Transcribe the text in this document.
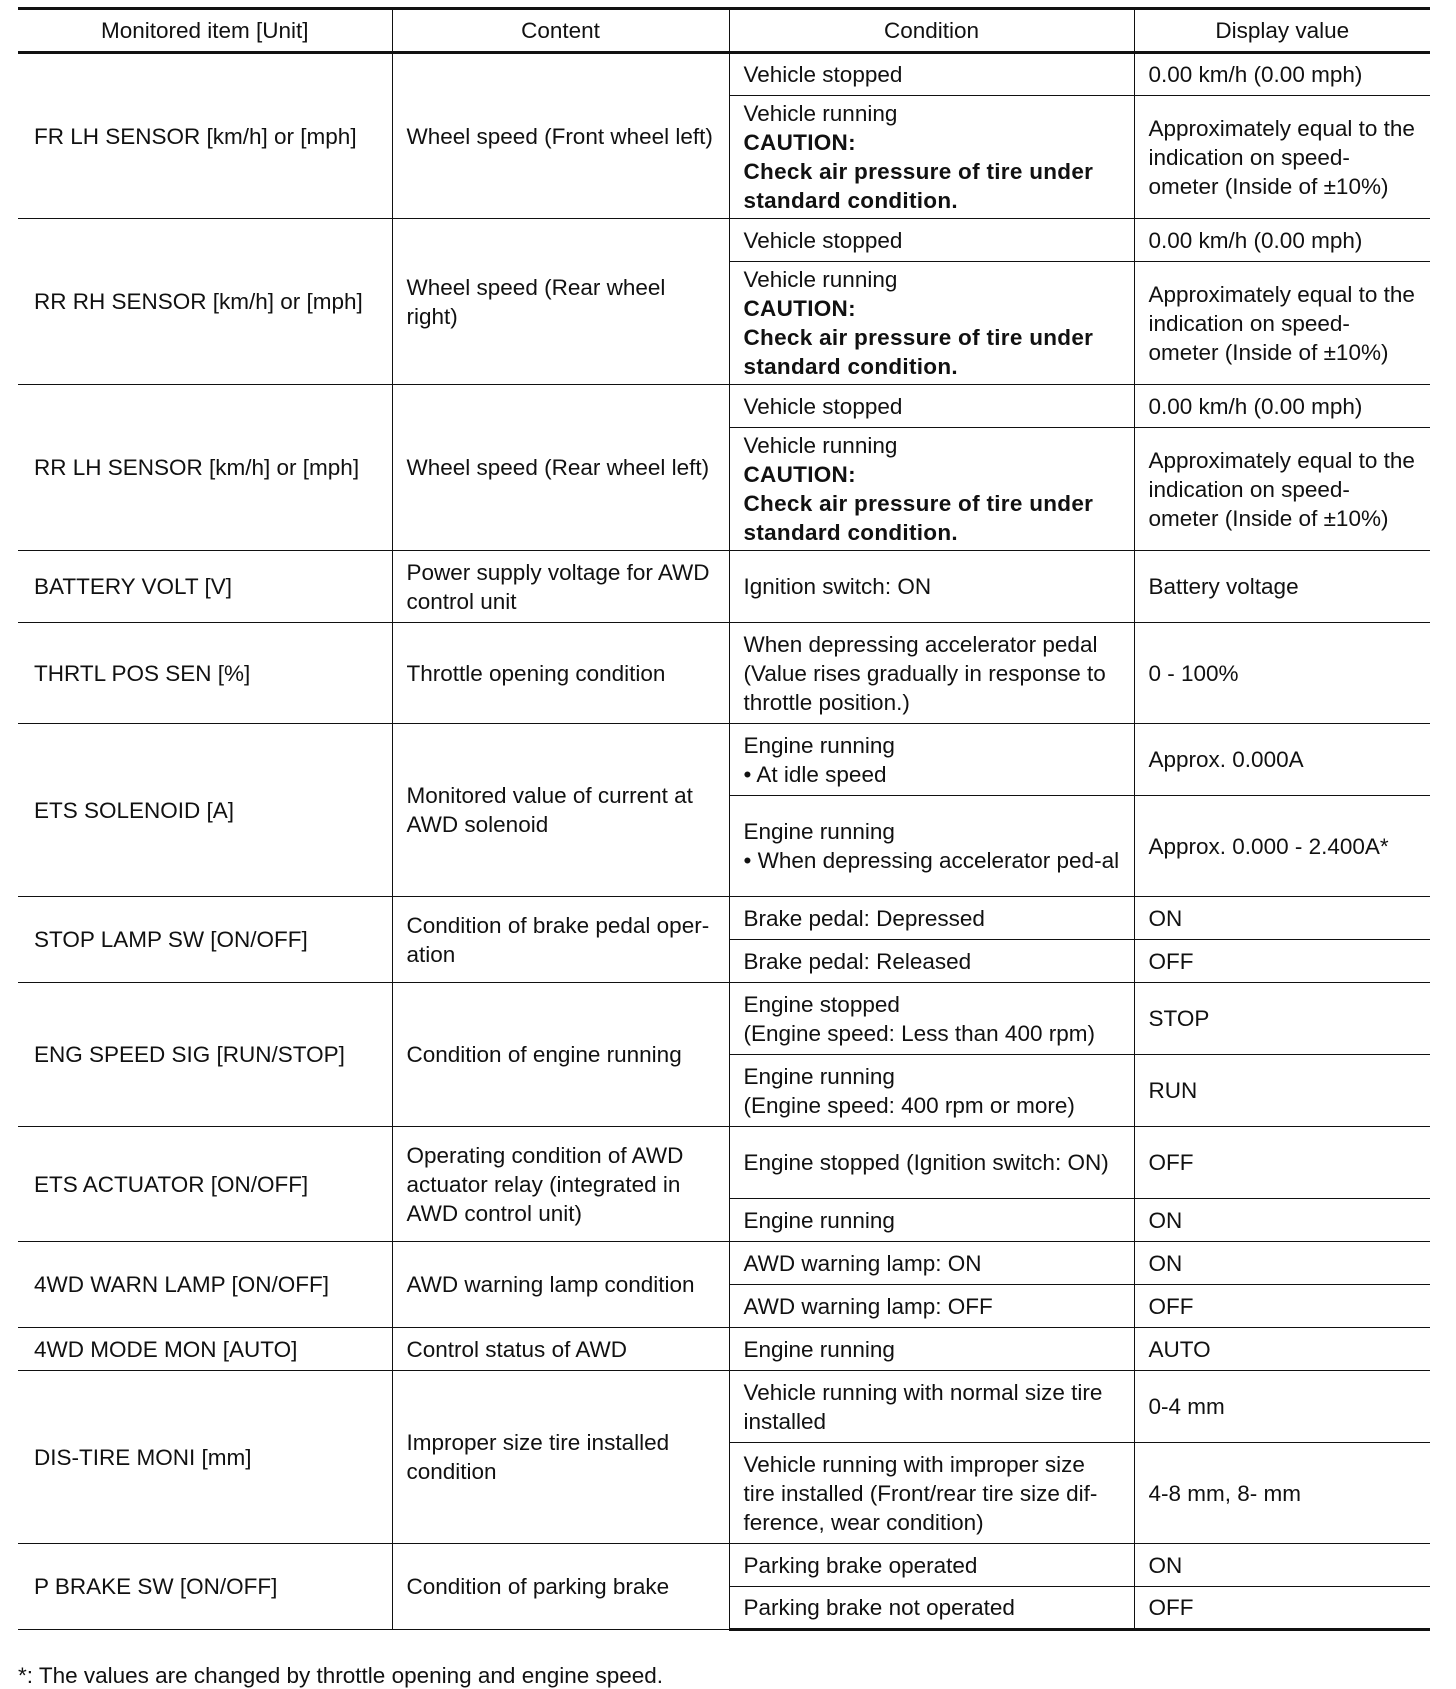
Monitored item [Unit]	Content	Condition	Display value
FR LH SENSOR [km/h] or [mph]	Wheel speed (Front wheel left)	Vehicle stopped	0.00 km/h (0.00 mph)

		Vehicle running
CAUTION:
Check air pressure of tire under standard condition.	Approximately equal to the indication on speed-ometer (Inside of ±10%)
RR RH SENSOR [km/h] or [mph]	Wheel speed (Rear wheel right)	Vehicle stopped	0.00 km/h (0.00 mph)

		Vehicle running
CAUTION:
Check air pressure of tire under standard condition.	Approximately equal to the indication on speed-ometer (Inside of ±10%)
RR LH SENSOR [km/h] or [mph]	Wheel speed (Rear wheel left)	Vehicle stopped	0.00 km/h (0.00 mph)

		Vehicle running
CAUTION:
Check air pressure of tire under standard condition.	Approximately equal to the indication on speed-ometer (Inside of ±10%)
BATTERY VOLT [V]	Power supply voltage for AWD control unit	Ignition switch: ON	Battery voltage
THRTL POS SEN [%]	Throttle opening condition	When depressing accelerator pedal (Value rises gradually in response to throttle position.)	0 - 100%
ETS SOLENOID [A]	Monitored value of current at AWD solenoid	Engine running
• At idle speed	Approx. 0.000A

		Engine running
• When depressing accelerator ped-al	Approx. 0.000 - 2.400A*
STOP LAMP SW [ON/OFF]	Condition of brake pedal oper-ation	Brake pedal: Depressed	ON
		Brake pedal: Released	OFF
ENG SPEED SIG [RUN/STOP]	Condition of engine running	Engine stopped
(Engine speed: Less than 400 rpm)	STOP

		Engine running
(Engine speed: 400 rpm or more)	RUN
ETS ACTUATOR [ON/OFF]	Operating condition of AWD actuator relay (integrated in AWD control unit)	Engine stopped (Ignition switch: ON)	OFF
		Engine running	ON
4WD WARN LAMP [ON/OFF]	AWD warning lamp condition	AWD warning lamp: ON	ON
		AWD warning lamp: OFF	OFF
4WD MODE MON [AUTO]	Control status of AWD	Engine running	AUTO
DIS-TIRE MONI [mm]	Improper size tire installed condition	Vehicle running with normal size tire installed	0-4 mm
		Vehicle running with improper size tire installed (Front/rear tire size dif-ference, wear condition)	4-8 mm, 8- mm
P BRAKE SW [ON/OFF]	Condition of parking brake	Parking brake operated	ON
		Parking brake not operated	OFF
*: The values are changed by throttle opening and engine speed.
